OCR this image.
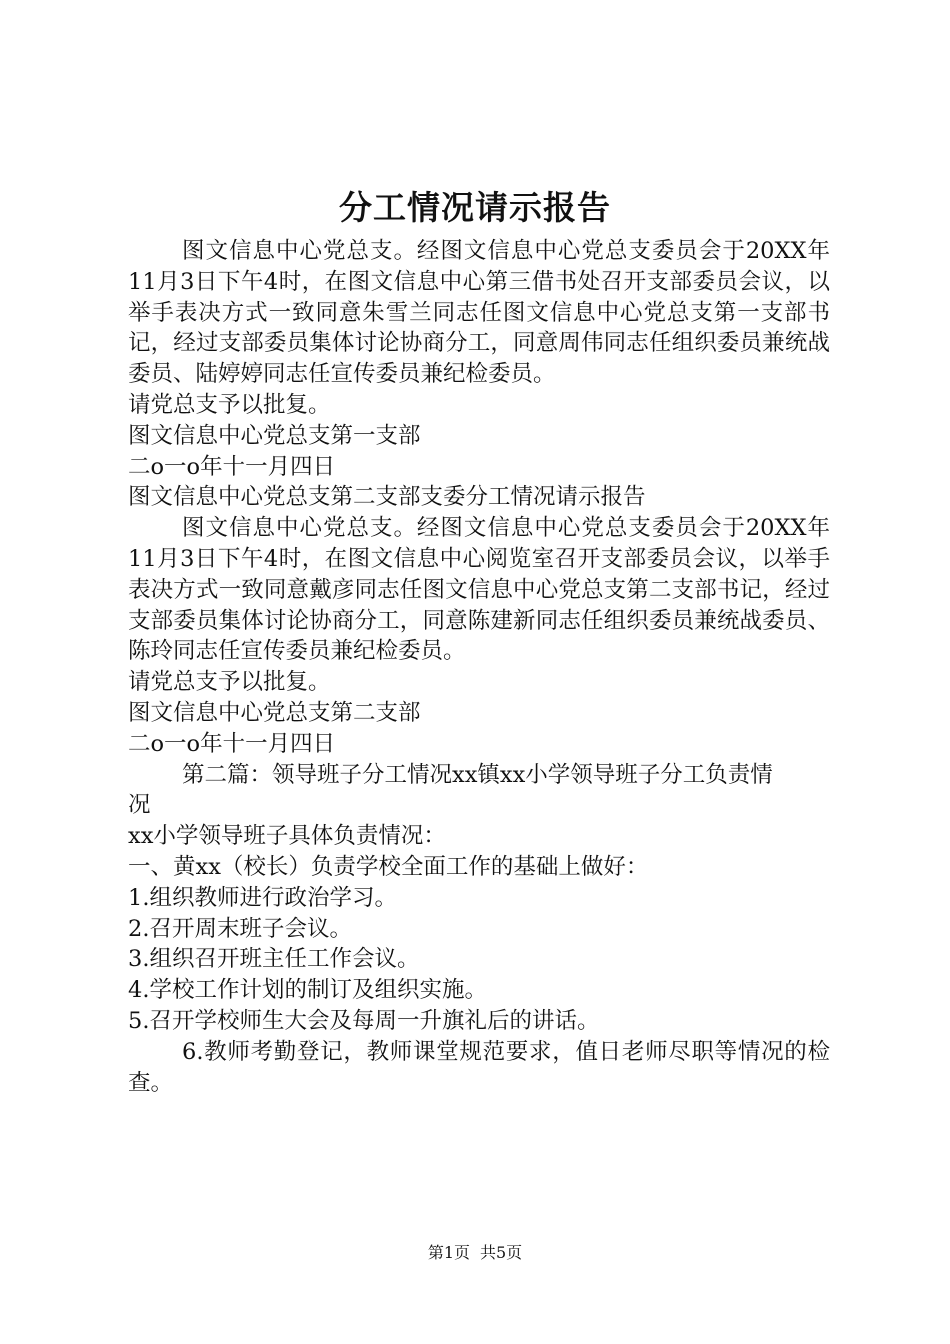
分工情况请示报告

图文信息中心党总支。经图文信息中心党总支委员会于20XX年11月3日下午4时，在图文信息中心第三借书处召开支部委员会议，以举手表决方式一致同意朱雪兰同志任图文信息中心党总支第一支部书记，经过支部委员集体讨论协商分工，同意周伟同志任组织委员兼统战委员、陆婷婷同志任宣传委员兼纪检委员。

请党总支予以批复。

图文信息中心党总支第一支部

二o一o年十一月四日

图文信息中心党总支第二支部支委分工情况请示报告

图文信息中心党总支。经图文信息中心党总支委员会于20XX年11月3日下午4时，在图文信息中心阅览室召开支部委员会议，以举手表决方式一致同意戴彦同志任图文信息中心党总支第二支部书记，经过支部委员集体讨论协商分工，同意陈建新同志任组织委员兼统战委员、陈玲同志任宣传委员兼纪检委员。

请党总支予以批复。

图文信息中心党总支第二支部

二o一o年十一月四日

第二篇：领导班子分工情况xx镇xx小学领导班子分工负责情

况

xx小学领导班子具体负责情况：

一、黄xx（校长）负责学校全面工作的基础上做好：

1.组织教师进行政治学习。

2.召开周末班子会议。

3.组织召开班主任工作会议。

4.学校工作计划的制订及组织实施。

5.召开学校师生大会及每周一升旗礼后的讲话。

6.教师考勤登记，教师课堂规范要求，值日老师尽职等情况的检查。

第1页 共5页
